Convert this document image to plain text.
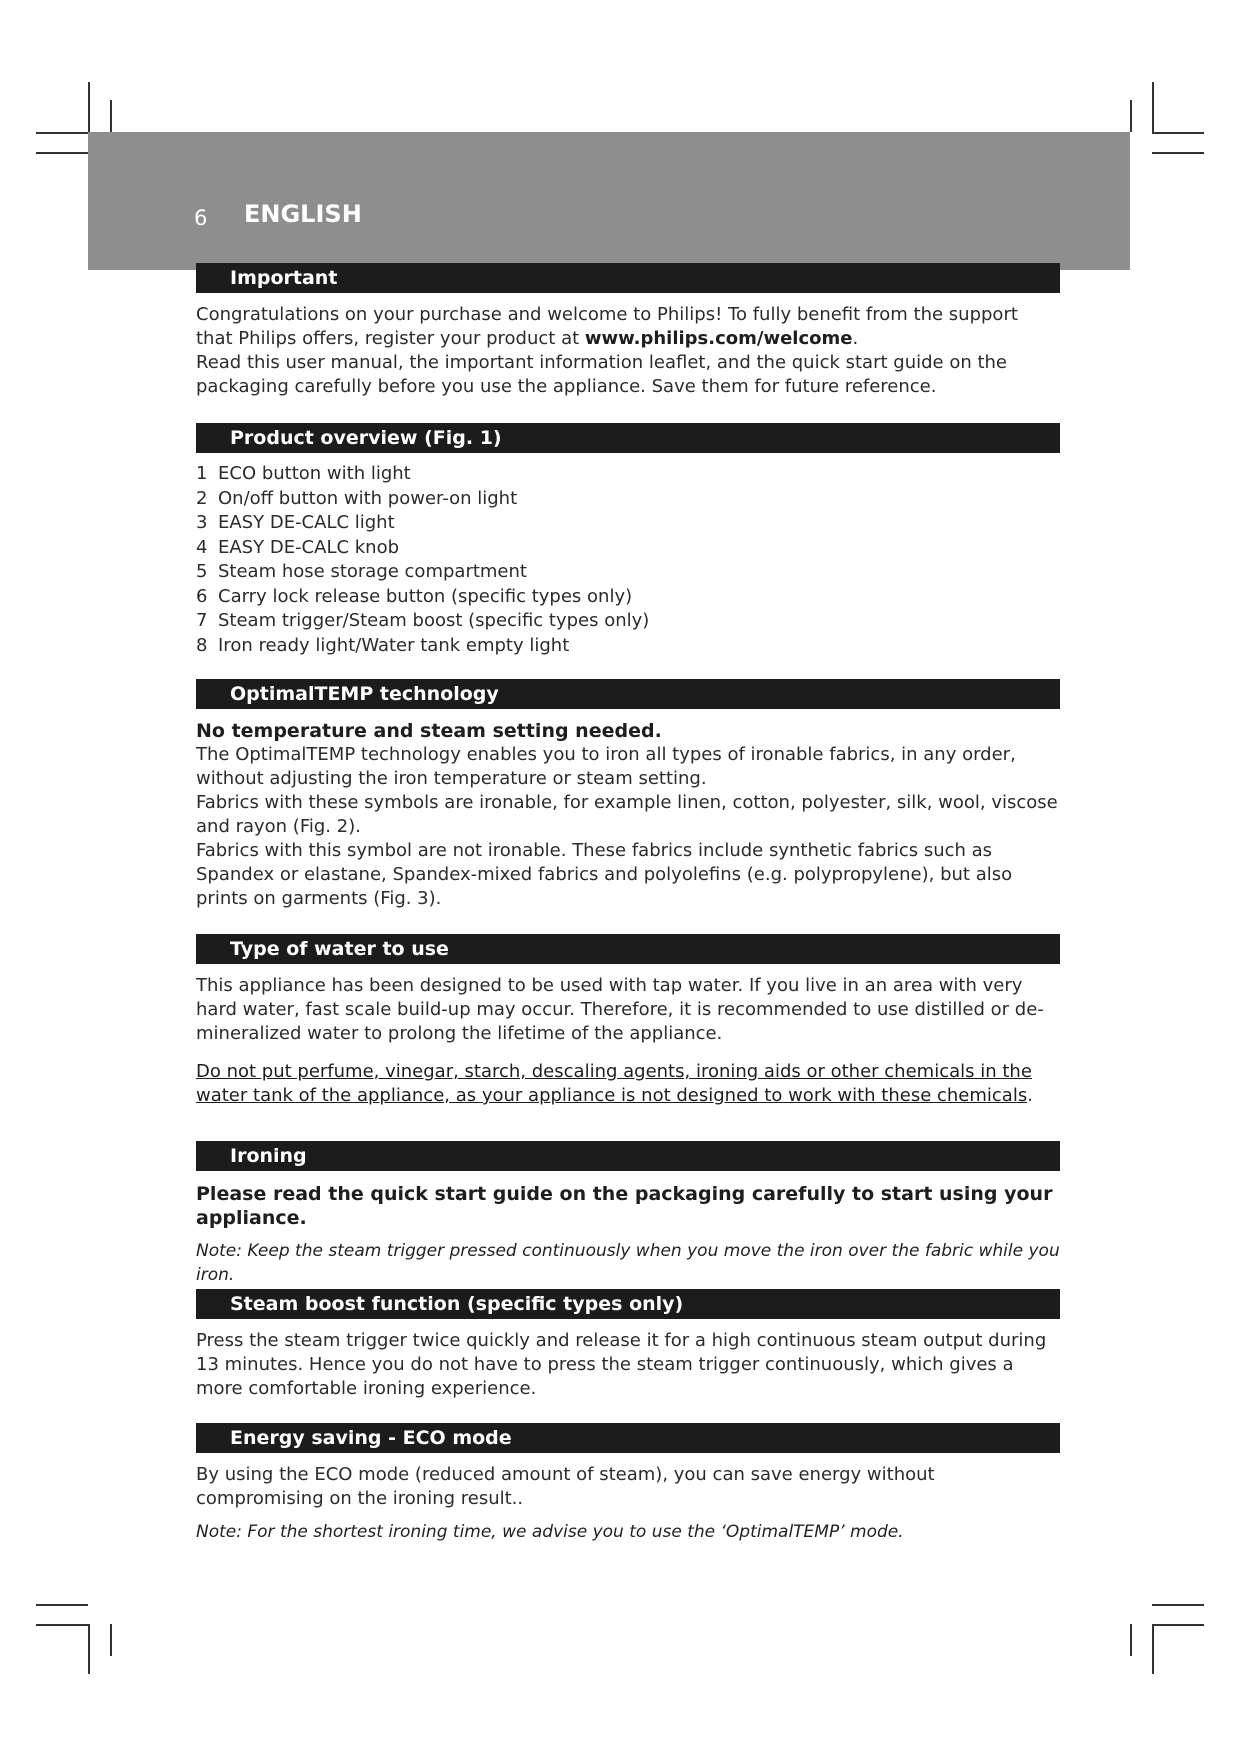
6 ENGLISH
Important

Congratulations on your purchase and welcome to Philips! To fully benefit from the support that Philips offers, register your product at www.philips.com/welcome.

Read this user manual, the important information leaflet, and the quick start guide on the packaging carefully before you use the appliance. Save them for future reference.

Product overview (Fig. 1)
1 ECO button with light
2 On/off button with power-on light
3 EASY DE-CALC light
4 EASY DE-CALC knob
5 Steam hose storage compartment
6 Carry lock release button (specific types only)
7 Steam trigger/Steam boost (specific types only)
8 Iron ready light/Water tank empty light
OptimalTEMP technology

No temperature and steam setting needed.

The OptimalTEMP technology enables you to iron all types of ironable fabrics, in any order, without adjusting the iron temperature or steam setting.

Fabrics with these symbols are ironable, for example linen, cotton, polyester, silk, wool, viscose and rayon (Fig. 2).

Fabrics with this symbol are not ironable. These fabrics include synthetic fabrics such as Spandex or elastane, Spandex-mixed fabrics and polyolefins (e.g. polypropylene), but also prints on garments (Fig. 3).

Type of water to use

This appliance has been designed to be used with tap water. If you live in an area with very hard water, fast scale build-up may occur. Therefore, it is recommended to use distilled or de-mineralized water to prolong the lifetime of the appliance.

Do not put perfume, vinegar, starch, descaling agents, ironing aids or other chemicals in the water tank of the appliance, as your appliance is not designed to work with these chemicals.

Ironing

Please read the quick start guide on the packaging carefully to start using your appliance.

Note: Keep the steam trigger pressed continuously when you move the iron over the fabric while you iron.

Steam boost function (specific types only)

Press the steam trigger twice quickly and release it for a high continuous steam output during 13 minutes. Hence you do not have to press the steam trigger continuously, which gives a more comfortable ironing experience.

Energy saving - ECO mode

By using the ECO mode (reduced amount of steam), you can save energy without compromising on the ironing result..

Note: For the shortest ironing time, we advise you to use the ‘OptimalTEMP’ mode.
